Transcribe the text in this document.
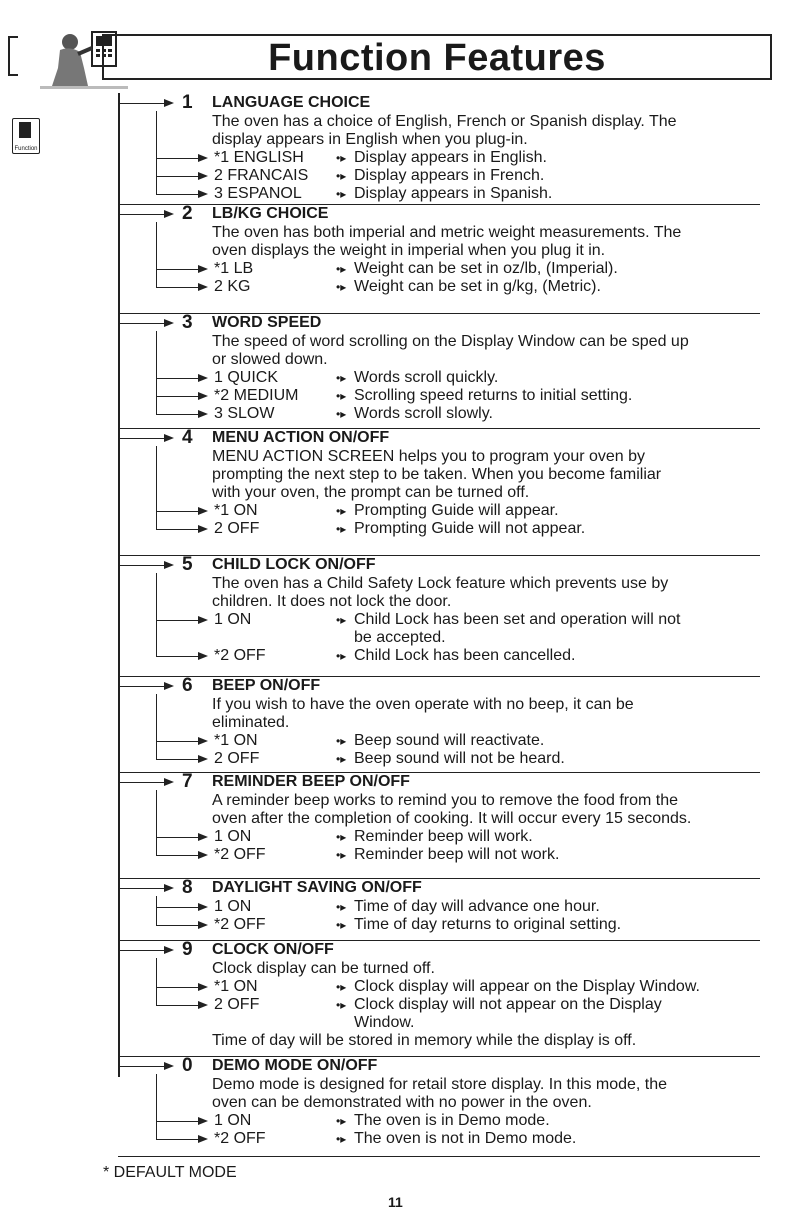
Function Features
Function
1 LANGUAGE CHOICE
The oven has a choice of English, French or Spanish display. The
display appears in English when you plug-in.
*1 ENGLISH	•▸ Display appears in English.
2 FRANCAIS •▸ Display appears in French.
3 ESPANOL	•▸ Display appears in Spanish.
2 LB/KG CHOICE
The oven has both imperial and metric weight measurements. The
oven displays the weight in imperial when you plug it in.
*1 LB	•▸ Weight can be set in oz/lb, (Imperial).
2 KG	•▸ Weight can be set in g/kg, (Metric).
3 WORD SPEED
The speed of word scrolling on the Display Window can be sped up
or slowed down.
1 QUICK	•▸ Words scroll quickly.
*2 MEDIUM	•▸ Scrolling speed returns to initial setting.
3 SLOW	•▸ Words scroll slowly.
4 MENU ACTION ON/OFF
MENU ACTION SCREEN helps you to program your oven by
prompting the next step to be taken. When you become familiar
with your oven, the prompt can be turned off.
*1 ON	•▸ Prompting Guide will appear.
2 OFF	•▸ Prompting Guide will not appear.
5 CHILD LOCK ON/OFF
The oven has a Child Safety Lock feature which prevents use by
children. It does not lock the door.
1 ON	•▸ Child Lock has been set and operation will not
be accepted.
*2 OFF	•▸ Child Lock has been cancelled.
6 BEEP ON/OFF
If you wish to have the oven operate with no beep, it can be
eliminated.
*1 ON	•▸ Beep sound will reactivate.
2 OFF	•▸ Beep sound will not be heard.
7 REMINDER BEEP ON/OFF
A reminder beep works to remind you to remove the food from the
oven after the completion of cooking. It will occur every 15 seconds.
1 ON	•▸ Reminder beep will work.
*2 OFF	•▸ Reminder beep will not work.
8 DAYLIGHT SAVING ON/OFF
1 ON	•▸ Time of day will advance one hour.
*2 OFF	•▸ Time of day returns to original setting.
9 CLOCK ON/OFF
Clock display can be turned off.
*1 ON	•▸ Clock display will appear on the Display Window.
2 OFF	•▸ Clock display will not appear on the Display
Window.
Time of day will be stored in memory while the display is off.
0 DEMO MODE ON/OFF
Demo mode is designed for retail store display. In this mode, the
oven can be demonstrated with no power in the oven.
1 ON	•▸ The oven is in Demo mode.
*2 OFF	•▸ The oven is not in Demo mode.
* DEFAULT MODE
11
